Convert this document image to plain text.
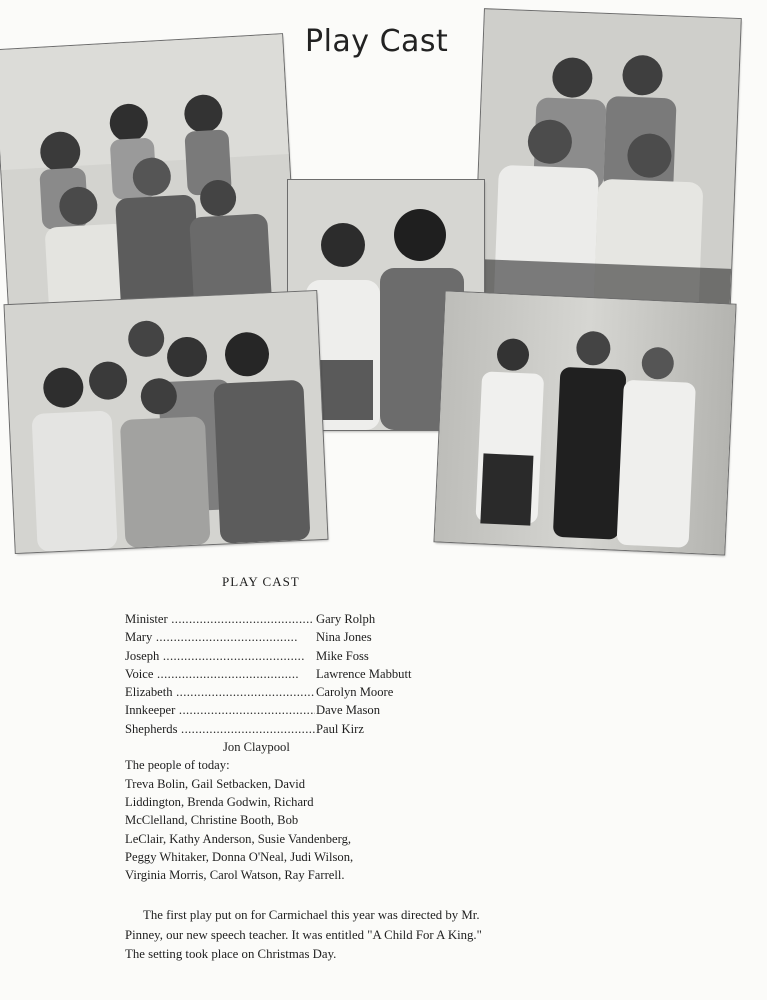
Play Cast
PLAY CAST
Minister .....	Gary Rolph
Mary .....	Nina Jones
Joseph .....	Mike Foss
Voice .....	Lawrence Mabbutt
Elizabeth .....	Carolyn Moore
Innkeeper .....	Dave Mason
Shepherds .....	Paul Kirz
Jon Claypool
The people of today:
Treva Bolin, Gail Setbacken, David
Liddington, Brenda Godwin, Richard
McClelland, Christine Booth, Bob
LeClair, Kathy Anderson, Susie Vandenberg,
Peggy Whitaker, Donna O'Neal, Judi Wilson,
Virginia Morris, Carol Watson, Ray Farrell.
The first play put on for Carmichael this year was directed by Mr.
Pinney, our new speech teacher. It was entitled "A Child For A King."
The setting took place on Christmas Day.
